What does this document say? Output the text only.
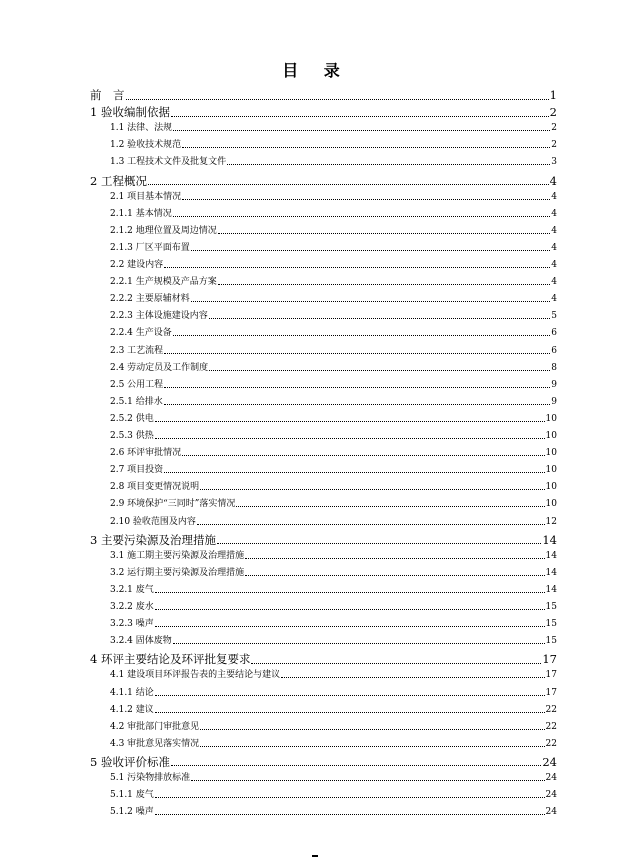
目 录
前　言	1
1 验收编制依据	2
1.1 法律、法规	2
1.2 验收技术规范	2
1.3 工程技术文件及批复文件	3
2 工程概况	4
2.1 项目基本情况	4
2.1.1 基本情况	4
2.1.2 地理位置及周边情况	4
2.1.3 厂区平面布置	4
2.2 建设内容	4
2.2.1 生产规模及产品方案	4
2.2.2 主要原辅材料	4
2.2.3 主体设施建设内容	5
2.2.4 生产设备	6
2.3 工艺流程	6
2.4 劳动定员及工作制度	8
2.5 公用工程	9
2.5.1 给排水	9
2.5.2 供电	10
2.5.3 供热	10
2.6 环评审批情况	10
2.7 项目投资	10
2.8 项目变更情况说明	10
2.9 环境保护“三同时”落实情况	10
2.10 验收范围及内容	12
3 主要污染源及治理措施	14
3.1 施工期主要污染源及治理措施	14
3.2 运行期主要污染源及治理措施	14
3.2.1 废气	14
3.2.2 废水	15
3.2.3 噪声	15
3.2.4 固体废物	15
4 环评主要结论及环评批复要求	17
4.1 建设项目环评报告表的主要结论与建议	17
4.1.1 结论	17
4.1.2 建议	22
4.2 审批部门审批意见	22
4.3 审批意见落实情况	22
5 验收评价标准	24
5.1 污染物排放标准	24
5.1.1 废气	24
5.1.2 噪声	24
